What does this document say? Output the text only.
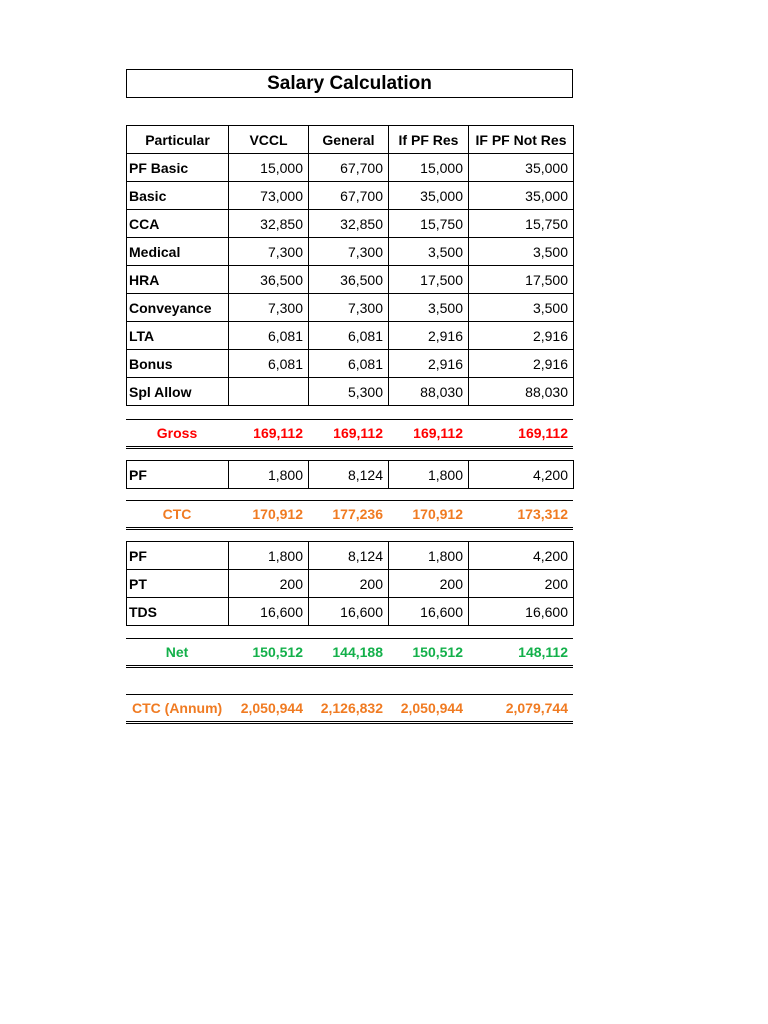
Salary Calculation
Particular	VCCL	General	If PF Res	IF PF Not Res
PF Basic	15,000	67,700	15,000	35,000
Basic	73,000	67,700	35,000	35,000
CCA	32,850	32,850	15,750	15,750
Medical	7,300	7,300	3,500	3,500
HRA	36,500	36,500	17,500	17,500
Conveyance	7,300	7,300	3,500	3,500
LTA	6,081	6,081	2,916	2,916
Bonus	6,081	6,081	2,916	2,916
Spl Allow		5,300	88,030	88,030
Gross	169,112	169,112	169,112	169,112
PF	1,800	8,124	1,800	4,200
CTC	170,912	177,236	170,912	173,312
PF	1,800	8,124	1,800	4,200
PT	200	200	200	200
TDS	16,600	16,600	16,600	16,600
Net	150,512	144,188	150,512	148,112
CTC (Annum)	2,050,944	2,126,832	2,050,944	2,079,744
